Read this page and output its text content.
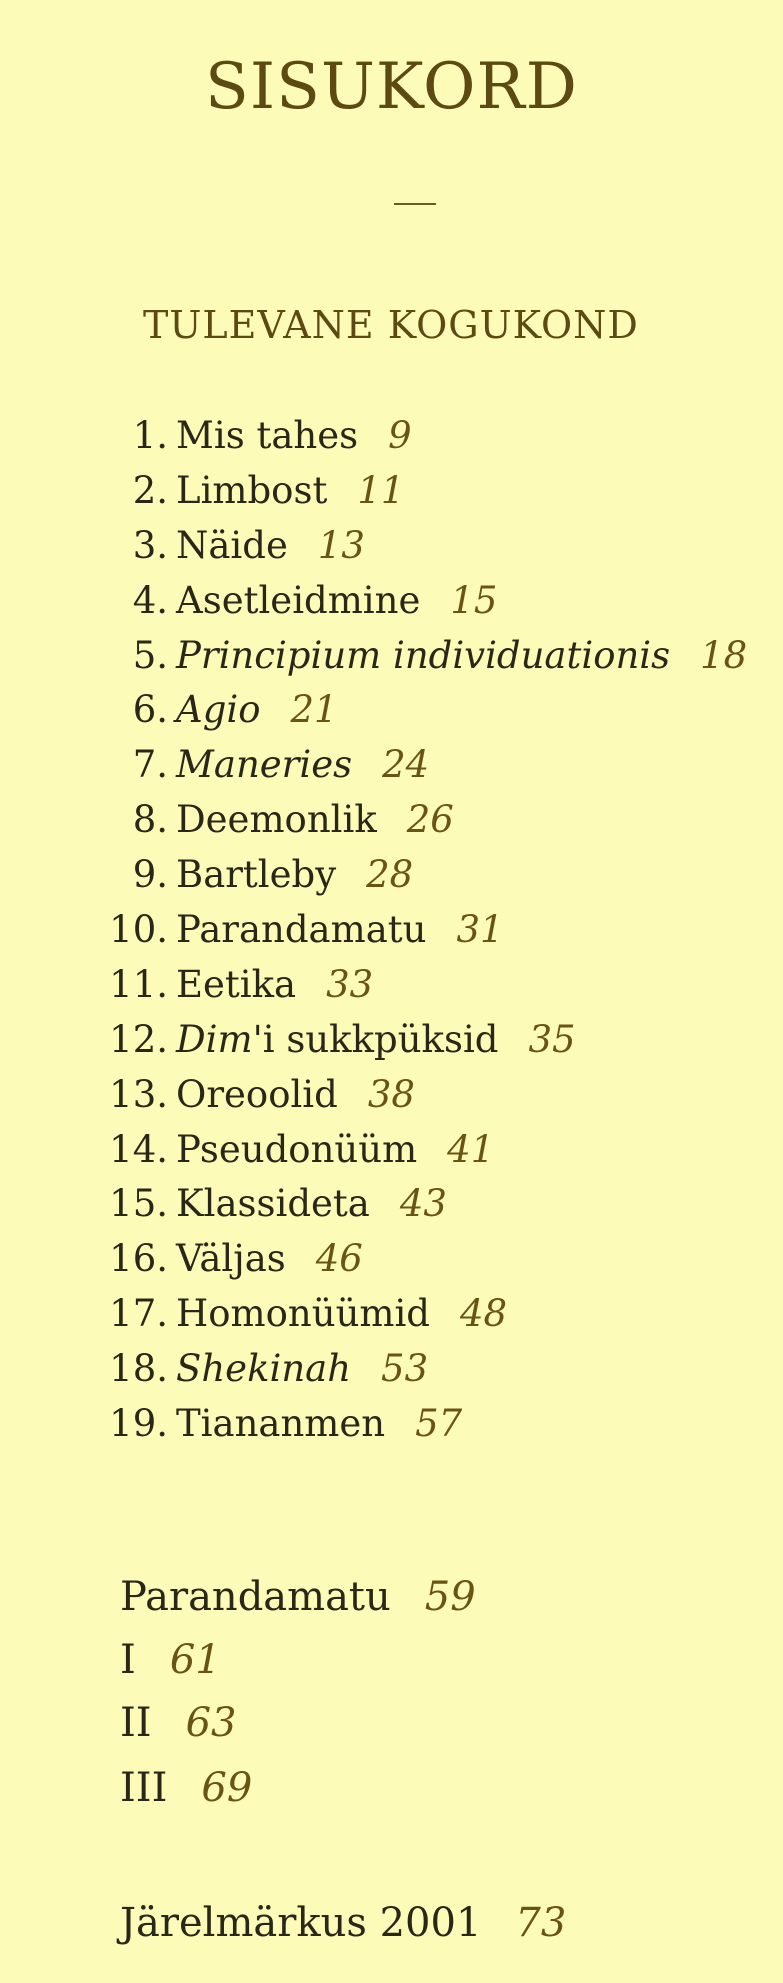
SISUKORD
TULEVANE KOGUKOND
1. Mis tahes 9
2. Limbost 11
3. Näide 13
4. Asetleidmine 15
5. Principium individuationis 18
6. Agio 21
7. Maneries 24
8. Deemonlik 26
9. Bartleby 28
10. Parandamatu 31
11. Eetika 33
12. Dim'i sukkpüksid 35
13. Oreoolid 38
14. Pseudonüüm 41
15. Klassideta 43
16. Väljas 46
17. Homonüümid 48
18. Shekinah 53
19. Tiananmen 57
Parandamatu 59
I 61
II 63
III 69
Järelmärkus 2001 73
